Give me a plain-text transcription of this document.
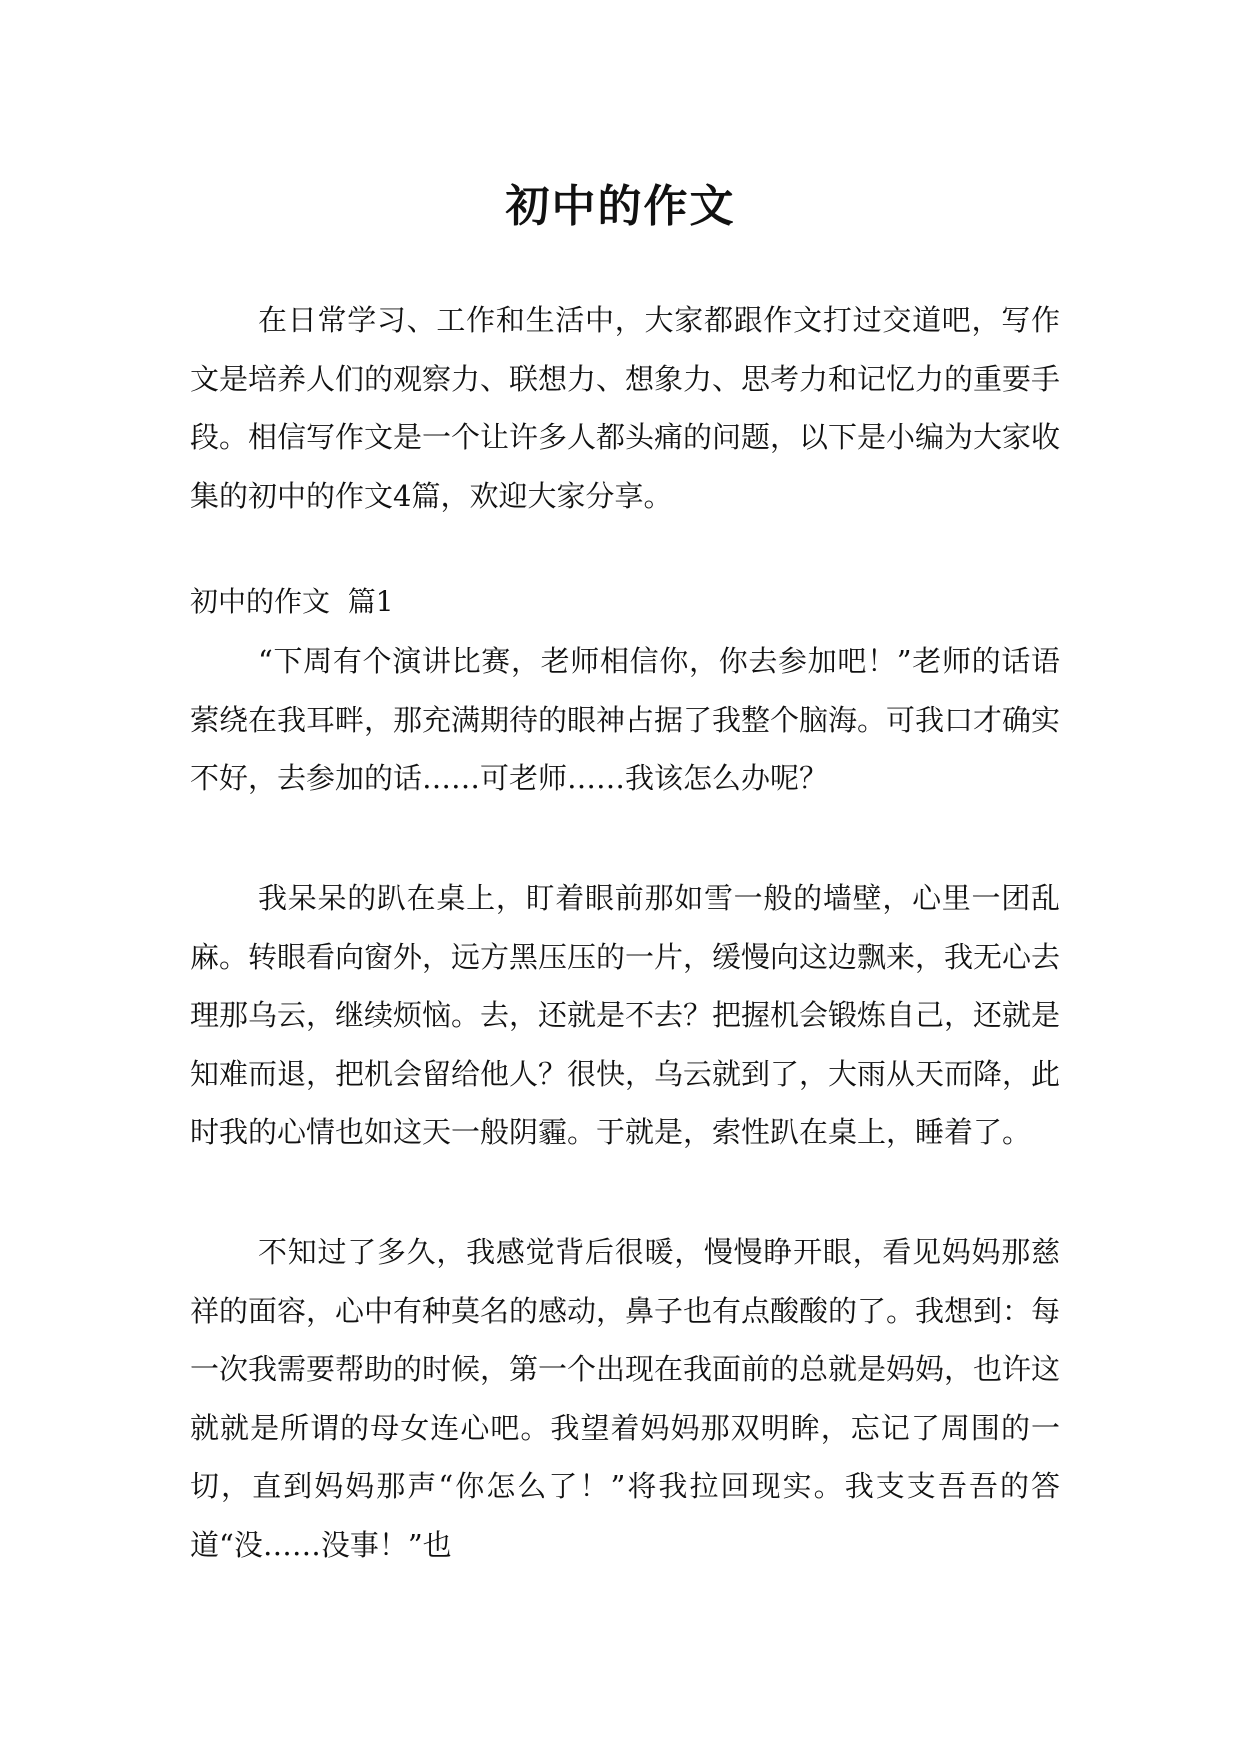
初中的作文

在日常学习、工作和生活中，大家都跟作文打过交道吧，写作文是培养人们的观察力、联想力、想象力、思考力和记忆力的重要手段。相信写作文是一个让许多人都头痛的问题，以下是小编为大家收集的初中的作文4篇，欢迎大家分享。

初中的作文  篇1

“下周有个演讲比赛，老师相信你，你去参加吧！”老师的话语萦绕在我耳畔，那充满期待的眼神占据了我整个脑海。可我口才确实不好，去参加的话……可老师……我该怎么办呢？

我呆呆的趴在桌上，盯着眼前那如雪一般的墙壁，心里一团乱麻。转眼看向窗外，远方黑压压的一片，缓慢向这边飘来，我无心去理那乌云，继续烦恼。去，还就是不去？把握机会锻炼自己，还就是知难而退，把机会留给他人？很快，乌云就到了，大雨从天而降，此时我的心情也如这天一般阴霾。于就是，索性趴在桌上，睡着了。

不知过了多久，我感觉背后很暖，慢慢睁开眼，看见妈妈那慈祥的面容，心中有种莫名的感动，鼻子也有点酸酸的了。我想到：每一次我需要帮助的时候，第一个出现在我面前的总就是妈妈，也许这就就是所谓的母女连心吧。我望着妈妈那双明眸，忘记了周围的一切，直到妈妈那声“你怎么了！”将我拉回现实。我支支吾吾的答道“没……没事！”也
